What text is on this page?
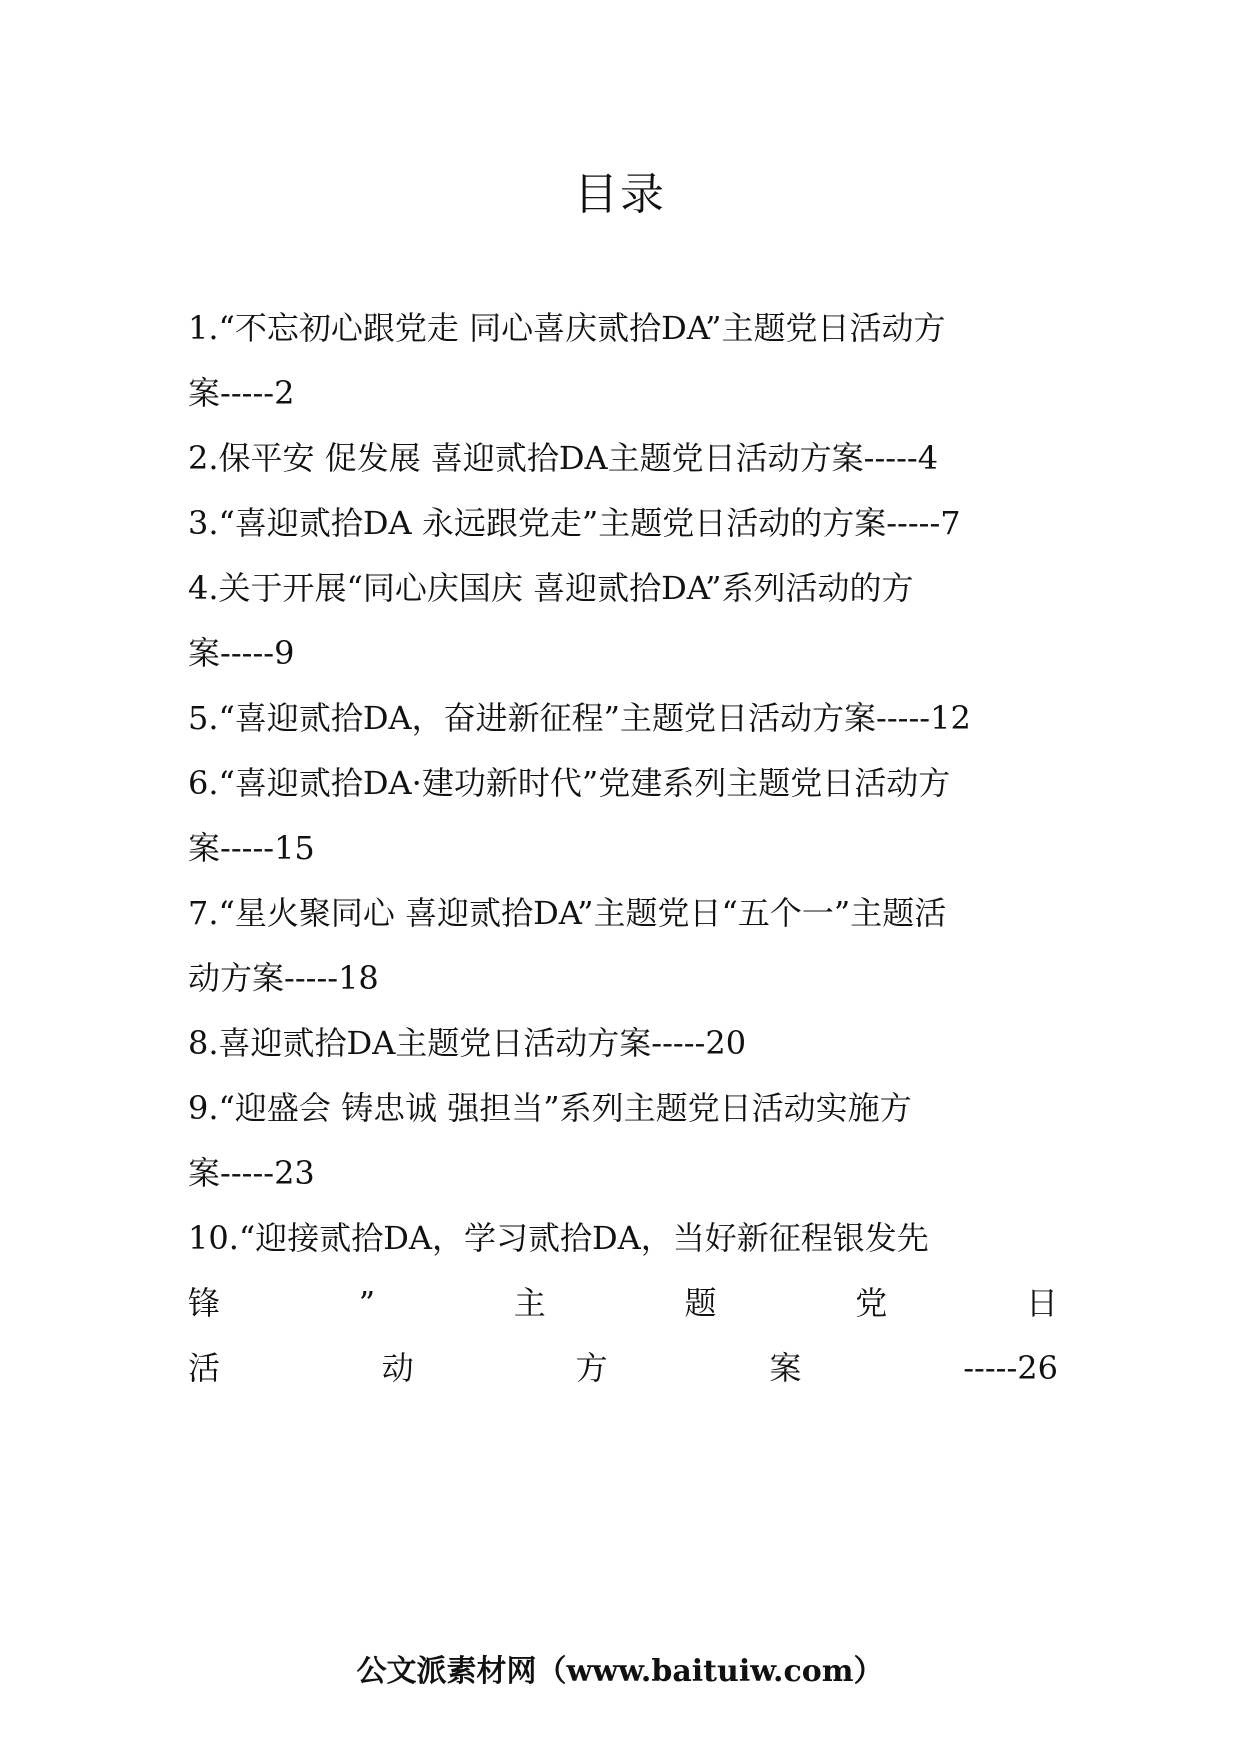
目录
1.“不忘初心跟党走 同心喜庆贰拾DA”主题党日活动方
案-----2
2.保平安 促发展 喜迎贰拾DA主题党日活动方案-----4
3.“喜迎贰拾DA 永远跟党走”主题党日活动的方案-----7
4.关于开展“同心庆国庆 喜迎贰拾DA”系列活动的方
案-----9
5.“喜迎贰拾DA，奋进新征程”主题党日活动方案-----12
6.“喜迎贰拾DA·建功新时代”党建系列主题党日活动方
案-----15
7.“星火聚同心 喜迎贰拾DA”主题党日“五个一”主题活
动方案-----18
8.喜迎贰拾DA主题党日活动方案-----20
9.“迎盛会 铸忠诚 强担当”系列主题党日活动实施方
案-----23
10.“迎接贰拾DA，学习贰拾DA，当好新征程银发先
锋	”	主	题	党	日
活	动	方	案	-----26
公文派素材网（www.baituiw.com）
